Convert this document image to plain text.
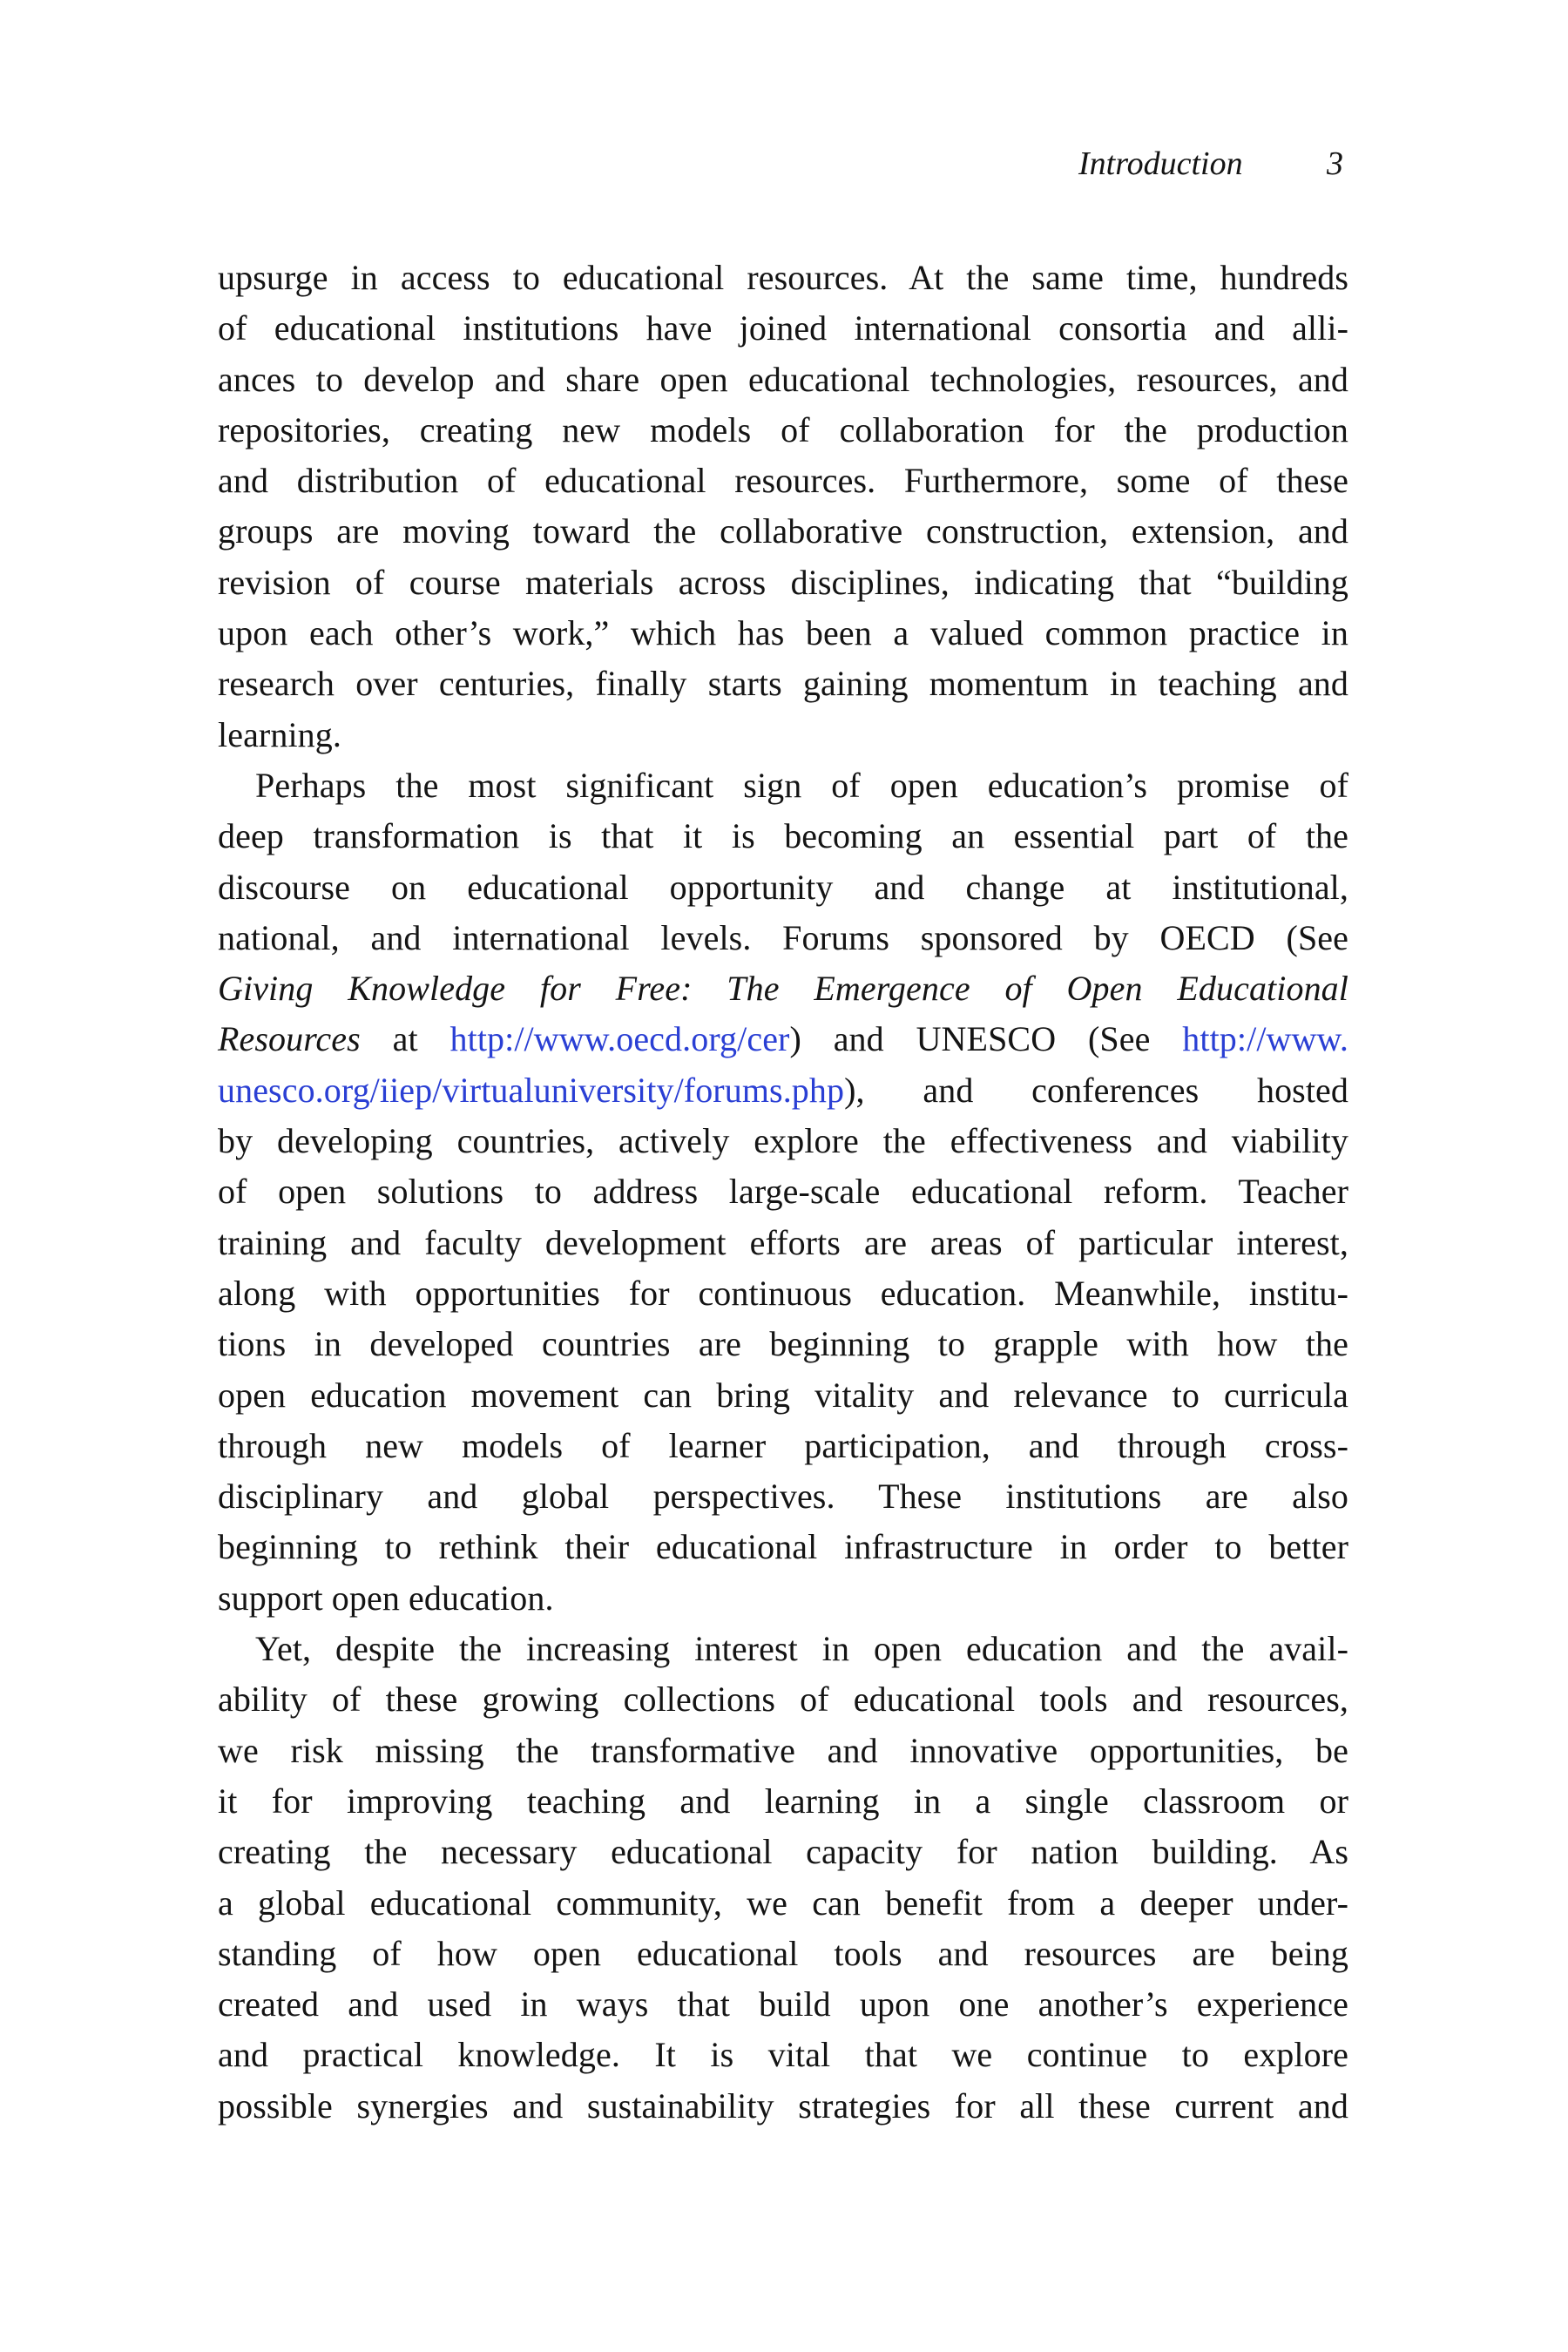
Introduction	3
upsurge in access to educational resources. At the same time, hundreds
of educational institutions have joined international consortia and alli-
ances to develop and share open educational technologies, resources, and
repositories, creating new models of collaboration for the production
and distribution of educational resources. Furthermore, some of these
groups are moving toward the collaborative construction, extension, and
revision of course materials across disciplines, indicating that “building
upon each other’s work,” which has been a valued common practice in
research over centuries, finally starts gaining momentum in teaching and
learning.
Perhaps the most significant sign of open education’s promise of
deep transformation is that it is becoming an essential part of the
discourse on educational opportunity and change at institutional,
national, and international levels. Forums sponsored by OECD (See
Giving Knowledge for Free: The Emergence of Open Educational
Resources at http://www.oecd.org/cer) and UNESCO (See http://www.
unesco.org/iiep/virtualuniversity/forums.php), and conferences hosted
by developing countries, actively explore the effectiveness and viability
of open solutions to address large-scale educational reform. Teacher
training and faculty development efforts are areas of particular interest,
along with opportunities for continuous education. Meanwhile, institu-
tions in developed countries are beginning to grapple with how the
open education movement can bring vitality and relevance to curricula
through new models of learner participation, and through cross-
disciplinary and global perspectives. These institutions are also
beginning to rethink their educational infrastructure in order to better
support open education.
Yet, despite the increasing interest in open education and the avail-
ability of these growing collections of educational tools and resources,
we risk missing the transformative and innovative opportunities, be
it for improving teaching and learning in a single classroom or
creating the necessary educational capacity for nation building. As
a global educational community, we can benefit from a deeper under-
standing of how open educational tools and resources are being
created and used in ways that build upon one another’s experience
and practical knowledge. It is vital that we continue to explore
possible synergies and sustainability strategies for all these current and
